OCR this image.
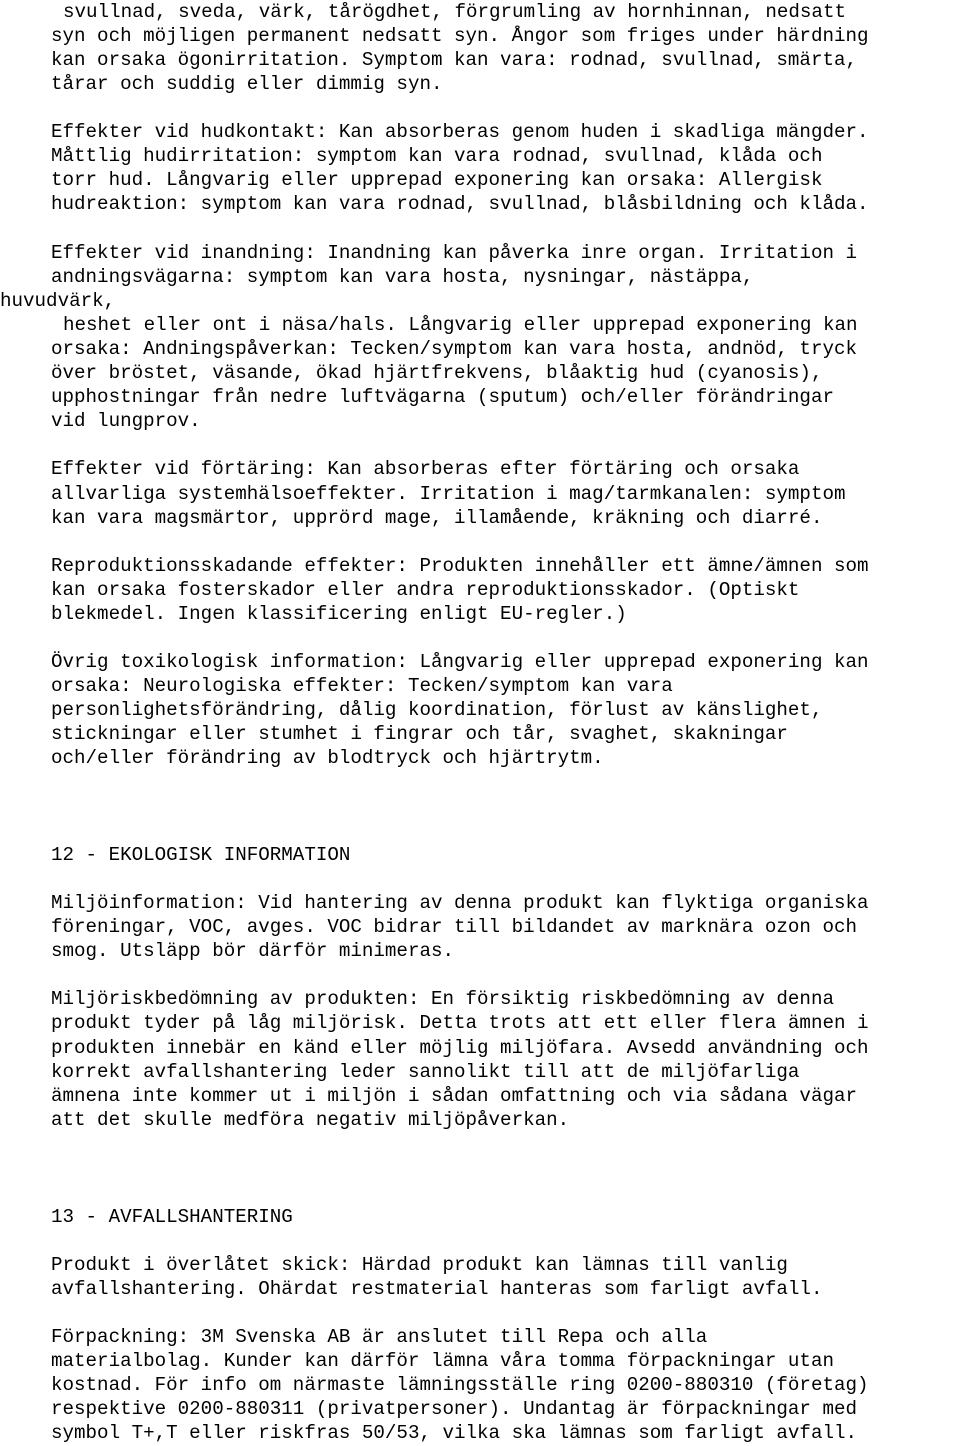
svullnad, sveda, värk, tårögdhet, förgrumling av hornhinnan, nedsatt

syn och möjligen permanent nedsatt syn. Ångor som friges under härdning

kan orsaka ögonirritation. Symptom kan vara: rodnad, svullnad, smärta,

tårar och suddig eller dimmig syn.

Effekter vid hudkontakt: Kan absorberas genom huden i skadliga mängder.

Måttlig hudirritation: symptom kan vara rodnad, svullnad, klåda och

torr hud. Långvarig eller upprepad exponering kan orsaka: Allergisk

hudreaktion: symptom kan vara rodnad, svullnad, blåsbildning och klåda.

Effekter vid inandning: Inandning kan påverka inre organ. Irritation i

andningsvägarna: symptom kan vara hosta, nysningar, nästäppa,

huvudvärk,

heshet eller ont i näsa/hals. Långvarig eller upprepad exponering kan

orsaka: Andningspåverkan: Tecken/symptom kan vara hosta, andnöd, tryck

över bröstet, väsande, ökad hjärtfrekvens, blåaktig hud (cyanosis),

upphostningar från nedre luftvägarna (sputum) och/eller förändringar

vid lungprov.

Effekter vid förtäring: Kan absorberas efter förtäring och orsaka

allvarliga systemhälsoeffekter. Irritation i mag/tarmkanalen: symptom

kan vara magsmärtor, upprörd mage, illamående, kräkning och diarré.

Reproduktionsskadande effekter: Produkten innehåller ett ämne/ämnen som

kan orsaka fosterskador eller andra reproduktionsskador. (Optiskt

blekmedel. Ingen klassificering enligt EU-regler.)

Övrig toxikologisk information: Långvarig eller upprepad exponering kan

orsaka: Neurologiska effekter: Tecken/symptom kan vara

personlighetsförändring, dålig koordination, förlust av känslighet,

stickningar eller stumhet i fingrar och tår, svaghet, skakningar

och/eller förändring av blodtryck och hjärtrytm.

12 - EKOLOGISK INFORMATION

Miljöinformation: Vid hantering av denna produkt kan flyktiga organiska

föreningar, VOC, avges. VOC bidrar till bildandet av marknära ozon och

smog. Utsläpp bör därför minimeras.

Miljöriskbedömning av produkten: En försiktig riskbedömning av denna

produkt tyder på låg miljörisk. Detta trots att ett eller flera ämnen i

produkten innebär en känd eller möjlig miljöfara. Avsedd användning och

korrekt avfallshantering leder sannolikt till att de miljöfarliga

ämnena inte kommer ut i miljön i sådan omfattning och via sådana vägar

att det skulle medföra negativ miljöpåverkan.

13 - AVFALLSHANTERING

Produkt i överlåtet skick: Härdad produkt kan lämnas till vanlig

avfallshantering. Ohärdat restmaterial hanteras som farligt avfall.

Förpackning: 3M Svenska AB är anslutet till Repa och alla

materialbolag. Kunder kan därför lämna våra tomma förpackningar utan

kostnad. För info om närmaste lämningsställe ring 0200-880310 (företag)

respektive 0200-880311 (privatpersoner). Undantag är förpackningar med

symbol T+,T eller riskfras 50/53, vilka ska lämnas som farligt avfall.
